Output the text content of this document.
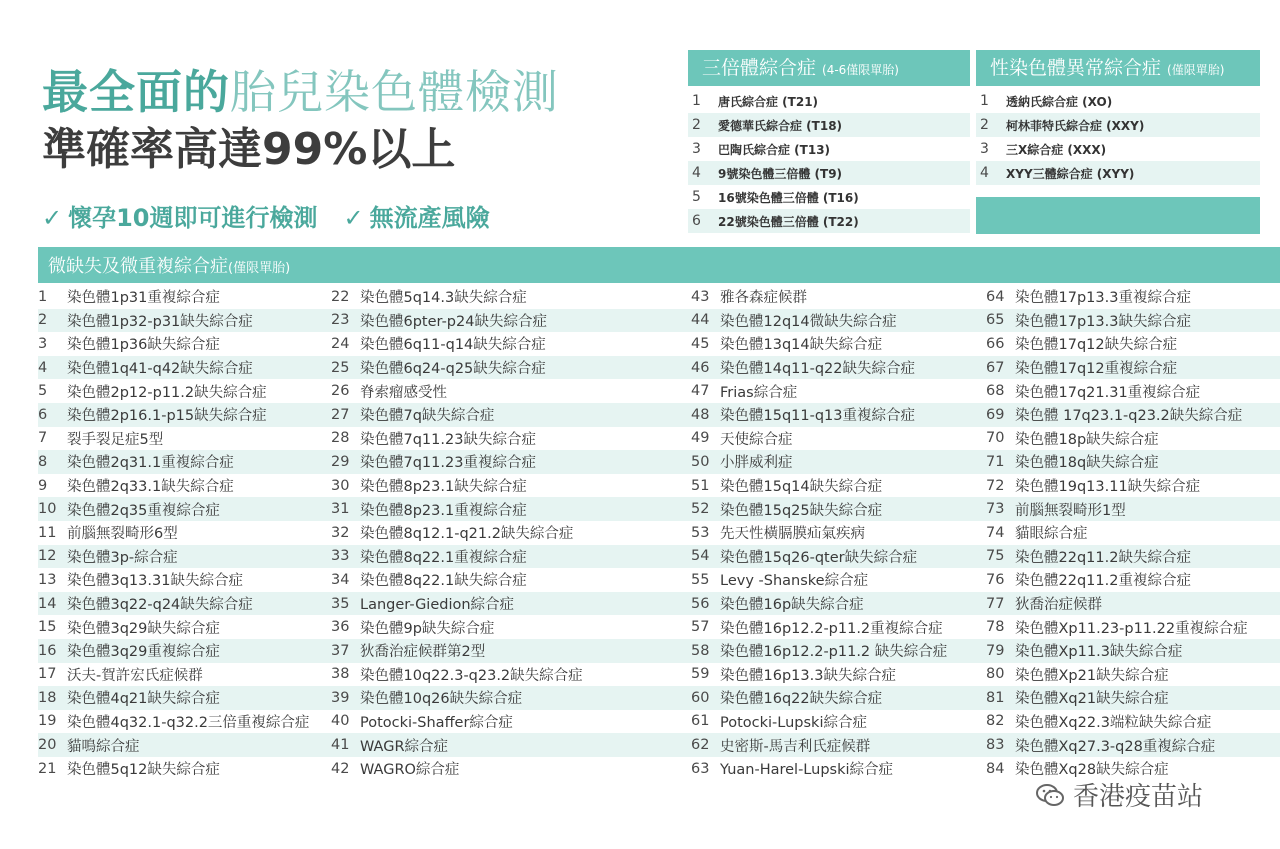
最全面的胎兒染色體檢測
準確率高達99%以上
✓ 懷孕10週即可進行檢測 ✓ 無流產風險
三倍體綜合症 (4-6僅限單胎)
1	唐氏綜合症 (T21)
2	愛德華氏綜合症 (T18)
3	巴陶氏綜合症 (T13)
4	9號染色體三倍體 (T9)
5	16號染色體三倍體 (T16)
6	22號染色體三倍體 (T22)
性染色體異常綜合症 (僅限單胎)
1	透納氏綜合症 (XO)
2	柯林菲特氏綜合症 (XXY)
3	三X綜合症 (XXX)
4	XYY三體綜合症 (XYY)
微缺失及微重複綜合症(僅限單胎)
1	染色體1p31重複綜合症
2	染色體1p32-p31缺失綜合症
3	染色體1p36缺失綜合症
4	染色體1q41-q42缺失綜合症
5	染色體2p12-p11.2缺失綜合症
6	染色體2p16.1-p15缺失綜合症
7	裂手裂足症5型
8	染色體2q31.1重複綜合症
9	染色體2q33.1缺失綜合症
10 染色體2q35重複綜合症
11 前腦無裂畸形6型
12 染色體3p-綜合症
13 染色體3q13.31缺失綜合症
14 染色體3q22-q24缺失綜合症
15 染色體3q29缺失綜合症
16 染色體3q29重複綜合症
17 沃夫-賀許宏氏症候群
18 染色體4q21缺失綜合症
19 染色體4q32.1-q32.2三倍重複綜合症
20 貓鳴綜合症
21 染色體5q12缺失綜合症
22 染色體5q14.3缺失綜合症
23 染色體6pter-p24缺失綜合症
24 染色體6q11-q14缺失綜合症
25 染色體6q24-q25缺失綜合症
26 脊索瘤感受性
27 染色體7q缺失綜合症
28 染色體7q11.23缺失綜合症
29 染色體7q11.23重複綜合症
30 染色體8p23.1缺失綜合症
31 染色體8p23.1重複綜合症
32 染色體8q12.1-q21.2缺失綜合症
33 染色體8q22.1重複綜合症
34 染色體8q22.1缺失綜合症
35 Langer-Giedion綜合症
36 染色體9p缺失綜合症
37 狄喬治症候群第2型
38 染色體10q22.3-q23.2缺失綜合症
39 染色體10q26缺失綜合症
40 Potocki-Shaffer綜合症
41 WAGR綜合症
42 WAGRO綜合症
43 雅各森症候群
44 染色體12q14微缺失綜合症
45 染色體13q14缺失綜合症
46 染色體14q11-q22缺失綜合症
47 Frias綜合症
48 染色體15q11-q13重複綜合症
49 天使綜合症
50 小胖威利症
51 染色體15q14缺失綜合症
52 染色體15q25缺失綜合症
53 先天性橫膈膜疝氣疾病
54 染色體15q26-qter缺失綜合症
55 Levy -Shanske綜合症
56 染色體16p缺失綜合症
57 染色體16p12.2-p11.2重複綜合症
58 染色體16p12.2-p11.2 缺失綜合症
59 染色體16p13.3缺失綜合症
60 染色體16q22缺失綜合症
61 Potocki-Lupski綜合症
62 史密斯-馬吉利氏症候群
63 Yuan-Harel-Lupski綜合症
64 染色體17p13.3重複綜合症
65 染色體17p13.3缺失綜合症
66 染色體17q12缺失綜合症
67 染色體17q12重複綜合症
68 染色體17q21.31重複綜合症
69 染色體 17q23.1-q23.2缺失綜合症
70 染色體18p缺失綜合症
71 染色體18q缺失綜合症
72 染色體19q13.11缺失綜合症
73 前腦無裂畸形1型
74 貓眼綜合症
75 染色體22q11.2缺失綜合症
76 染色體22q11.2重複綜合症
77 狄喬治症候群
78 染色體Xp11.23-p11.22重複綜合症
79 染色體Xp11.3缺失綜合症
80 染色體Xp21缺失綜合症
81 染色體Xq21缺失綜合症
82 染色體Xq22.3端粒缺失綜合症
83 染色體Xq27.3-q28重複綜合症
84 染色體Xq28缺失綜合症
香港疫苗站
